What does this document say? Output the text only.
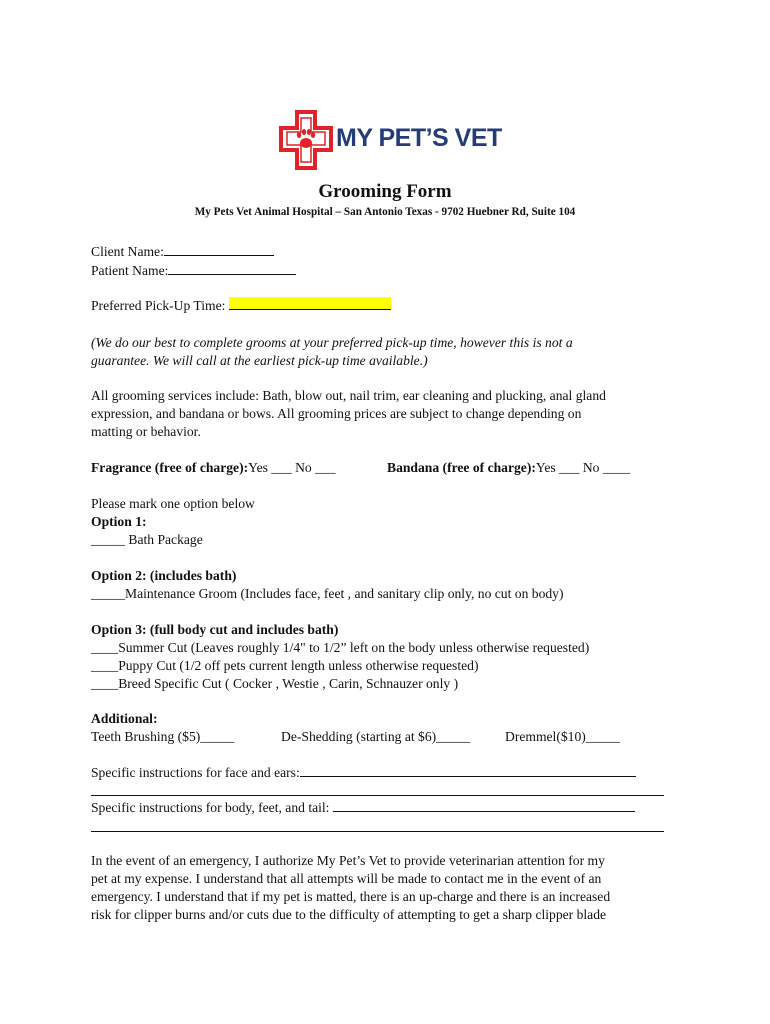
MY PET’S VET
Grooming Form
My Pets Vet Animal Hospital – San Antonio Texas - 9702 Huebner Rd, Suite 104
Client Name:
Patient Name:
Preferred Pick-Up Time:
(We do our best to complete grooms at your preferred pick-up time, however this is not a
guarantee. We will call at the earliest pick-up time available.)
All grooming services include: Bath, blow out, nail trim, ear cleaning and plucking, anal gland
expression, and bandana or bows. All grooming prices are subject to change depending on
matting or behavior.
Fragrance (free of charge):Yes ___ No ___	Bandana (free of charge):Yes ___ No ____
Please mark one option below
Option 1:
_____ Bath Package
Option 2: (includes bath)
_____Maintenance Groom (Includes face, feet , and sanitary clip only, no cut on body)
Option 3: (full body cut and includes bath)
____Summer Cut (Leaves roughly 1/4" to 1/2” left on the body unless otherwise requested)
____Puppy Cut (1/2 off pets current length unless otherwise requested)
____Breed Specific Cut ( Cocker , Westie , Carin, Schnauzer only )
Additional:
Teeth Brushing ($5)_____	De-Shedding (starting at $6)_____	Dremmel($10)_____
Specific instructions for face and ears:
Specific instructions for body, feet, and tail:
In the event of an emergency, I authorize My Pet’s Vet to provide veterinarian attention for my
pet at my expense. I understand that all attempts will be made to contact me in the event of an
emergency. I understand that if my pet is matted, there is an up-charge and there is an increased
risk for clipper burns and/or cuts due to the difficulty of attempting to get a sharp clipper blade
